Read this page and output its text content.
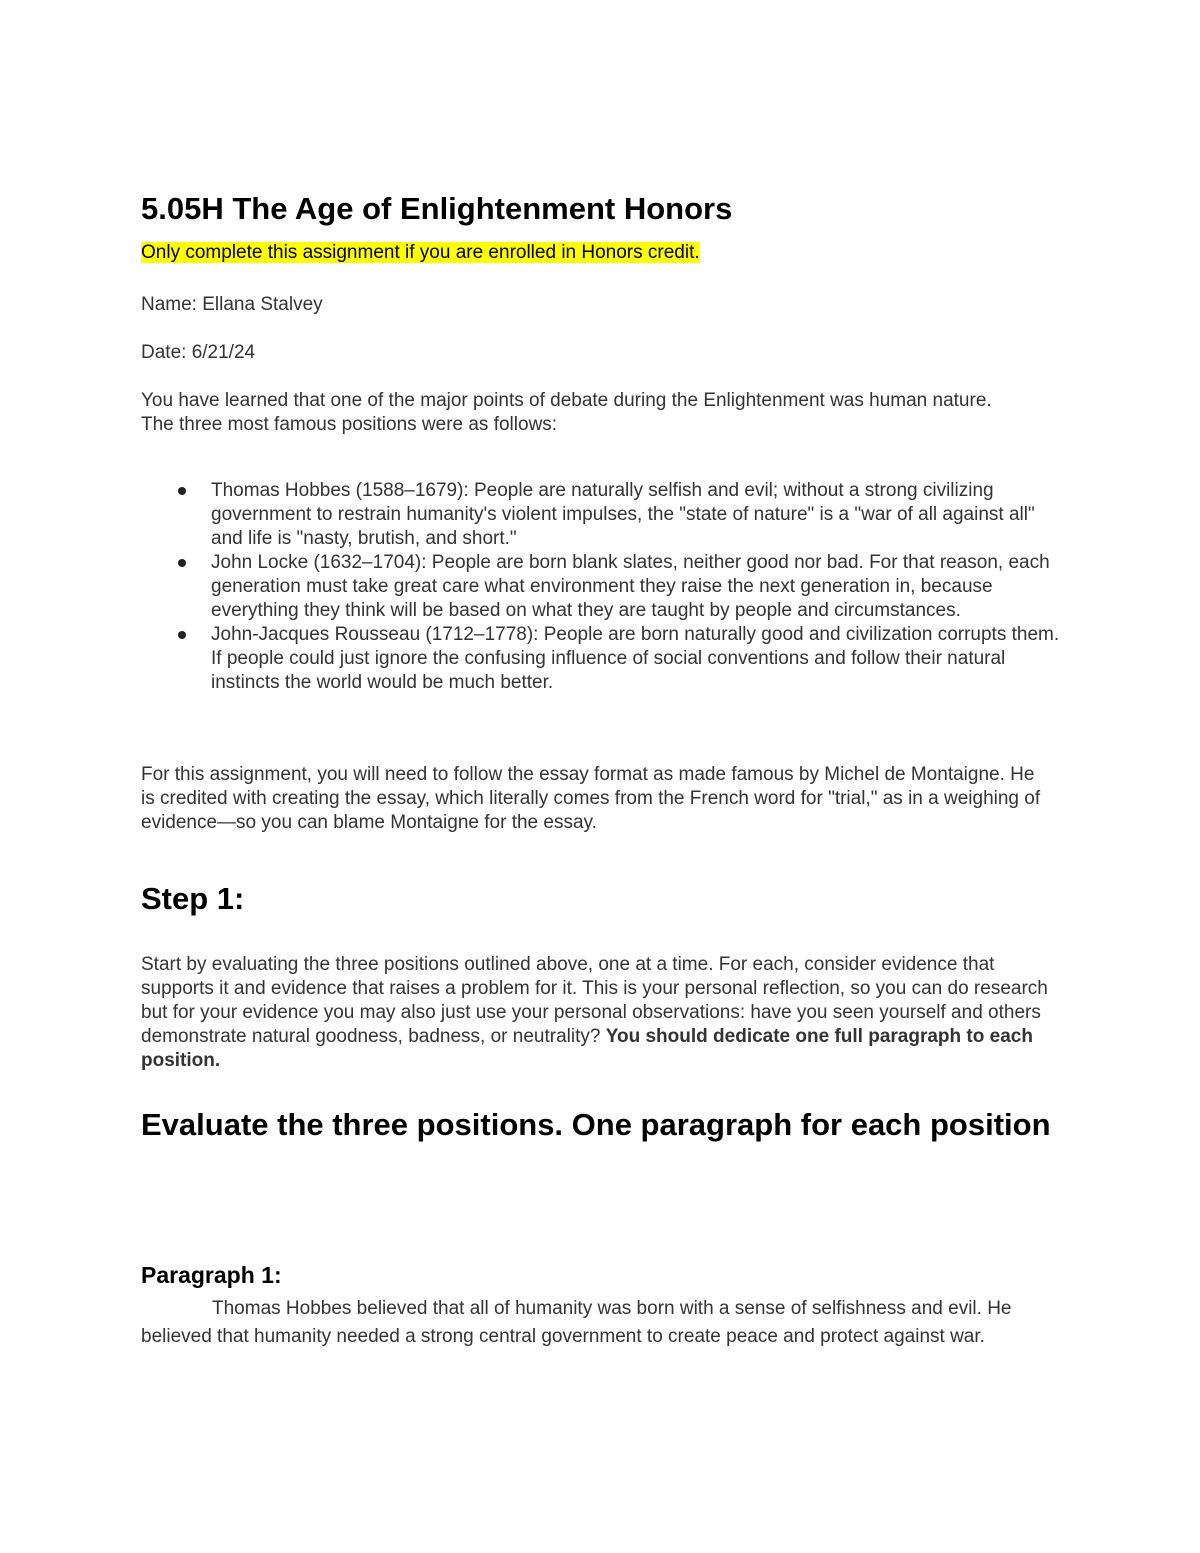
5.05H The Age of Enlightenment Honors
Only complete this assignment if you are enrolled in Honors credit.
Name: Ellana Stalvey
Date: 6/21/24

You have learned that one of the major points of debate during the Enlightenment was human nature. The three most famous positions were as follows:

Thomas Hobbes (1588–1679): People are naturally selfish and evil; without a strong civilizing government to restrain humanity's violent impulses, the "state of nature" is a "war of all against all" and life is "nasty, brutish, and short."
John Locke (1632–1704): People are born blank slates, neither good nor bad. For that reason, each generation must take great care what environment they raise the next generation in, because everything they think will be based on what they are taught by people and circumstances.
John-Jacques Rousseau (1712–1778): People are born naturally good and civilization corrupts them. If people could just ignore the confusing influence of social conventions and follow their natural instincts the world would be much better.

For this assignment, you will need to follow the essay format as made famous by Michel de Montaigne. He is credited with creating the essay, which literally comes from the French word for "trial," as in a weighing of evidence—so you can blame Montaigne for the essay.

Step 1:

Start by evaluating the three positions outlined above, one at a time. For each, consider evidence that supports it and evidence that raises a problem for it. This is your personal reflection, so you can do research but for your evidence you may also just use your personal observations: have you seen yourself and others demonstrate natural goodness, badness, or neutrality? You should dedicate one full paragraph to each position.

Evaluate the three positions. One paragraph for each position
Paragraph 1:

Thomas Hobbes believed that all of humanity was born with a sense of selfishness and evil. He believed that humanity needed a strong central government to create peace and protect against war.
